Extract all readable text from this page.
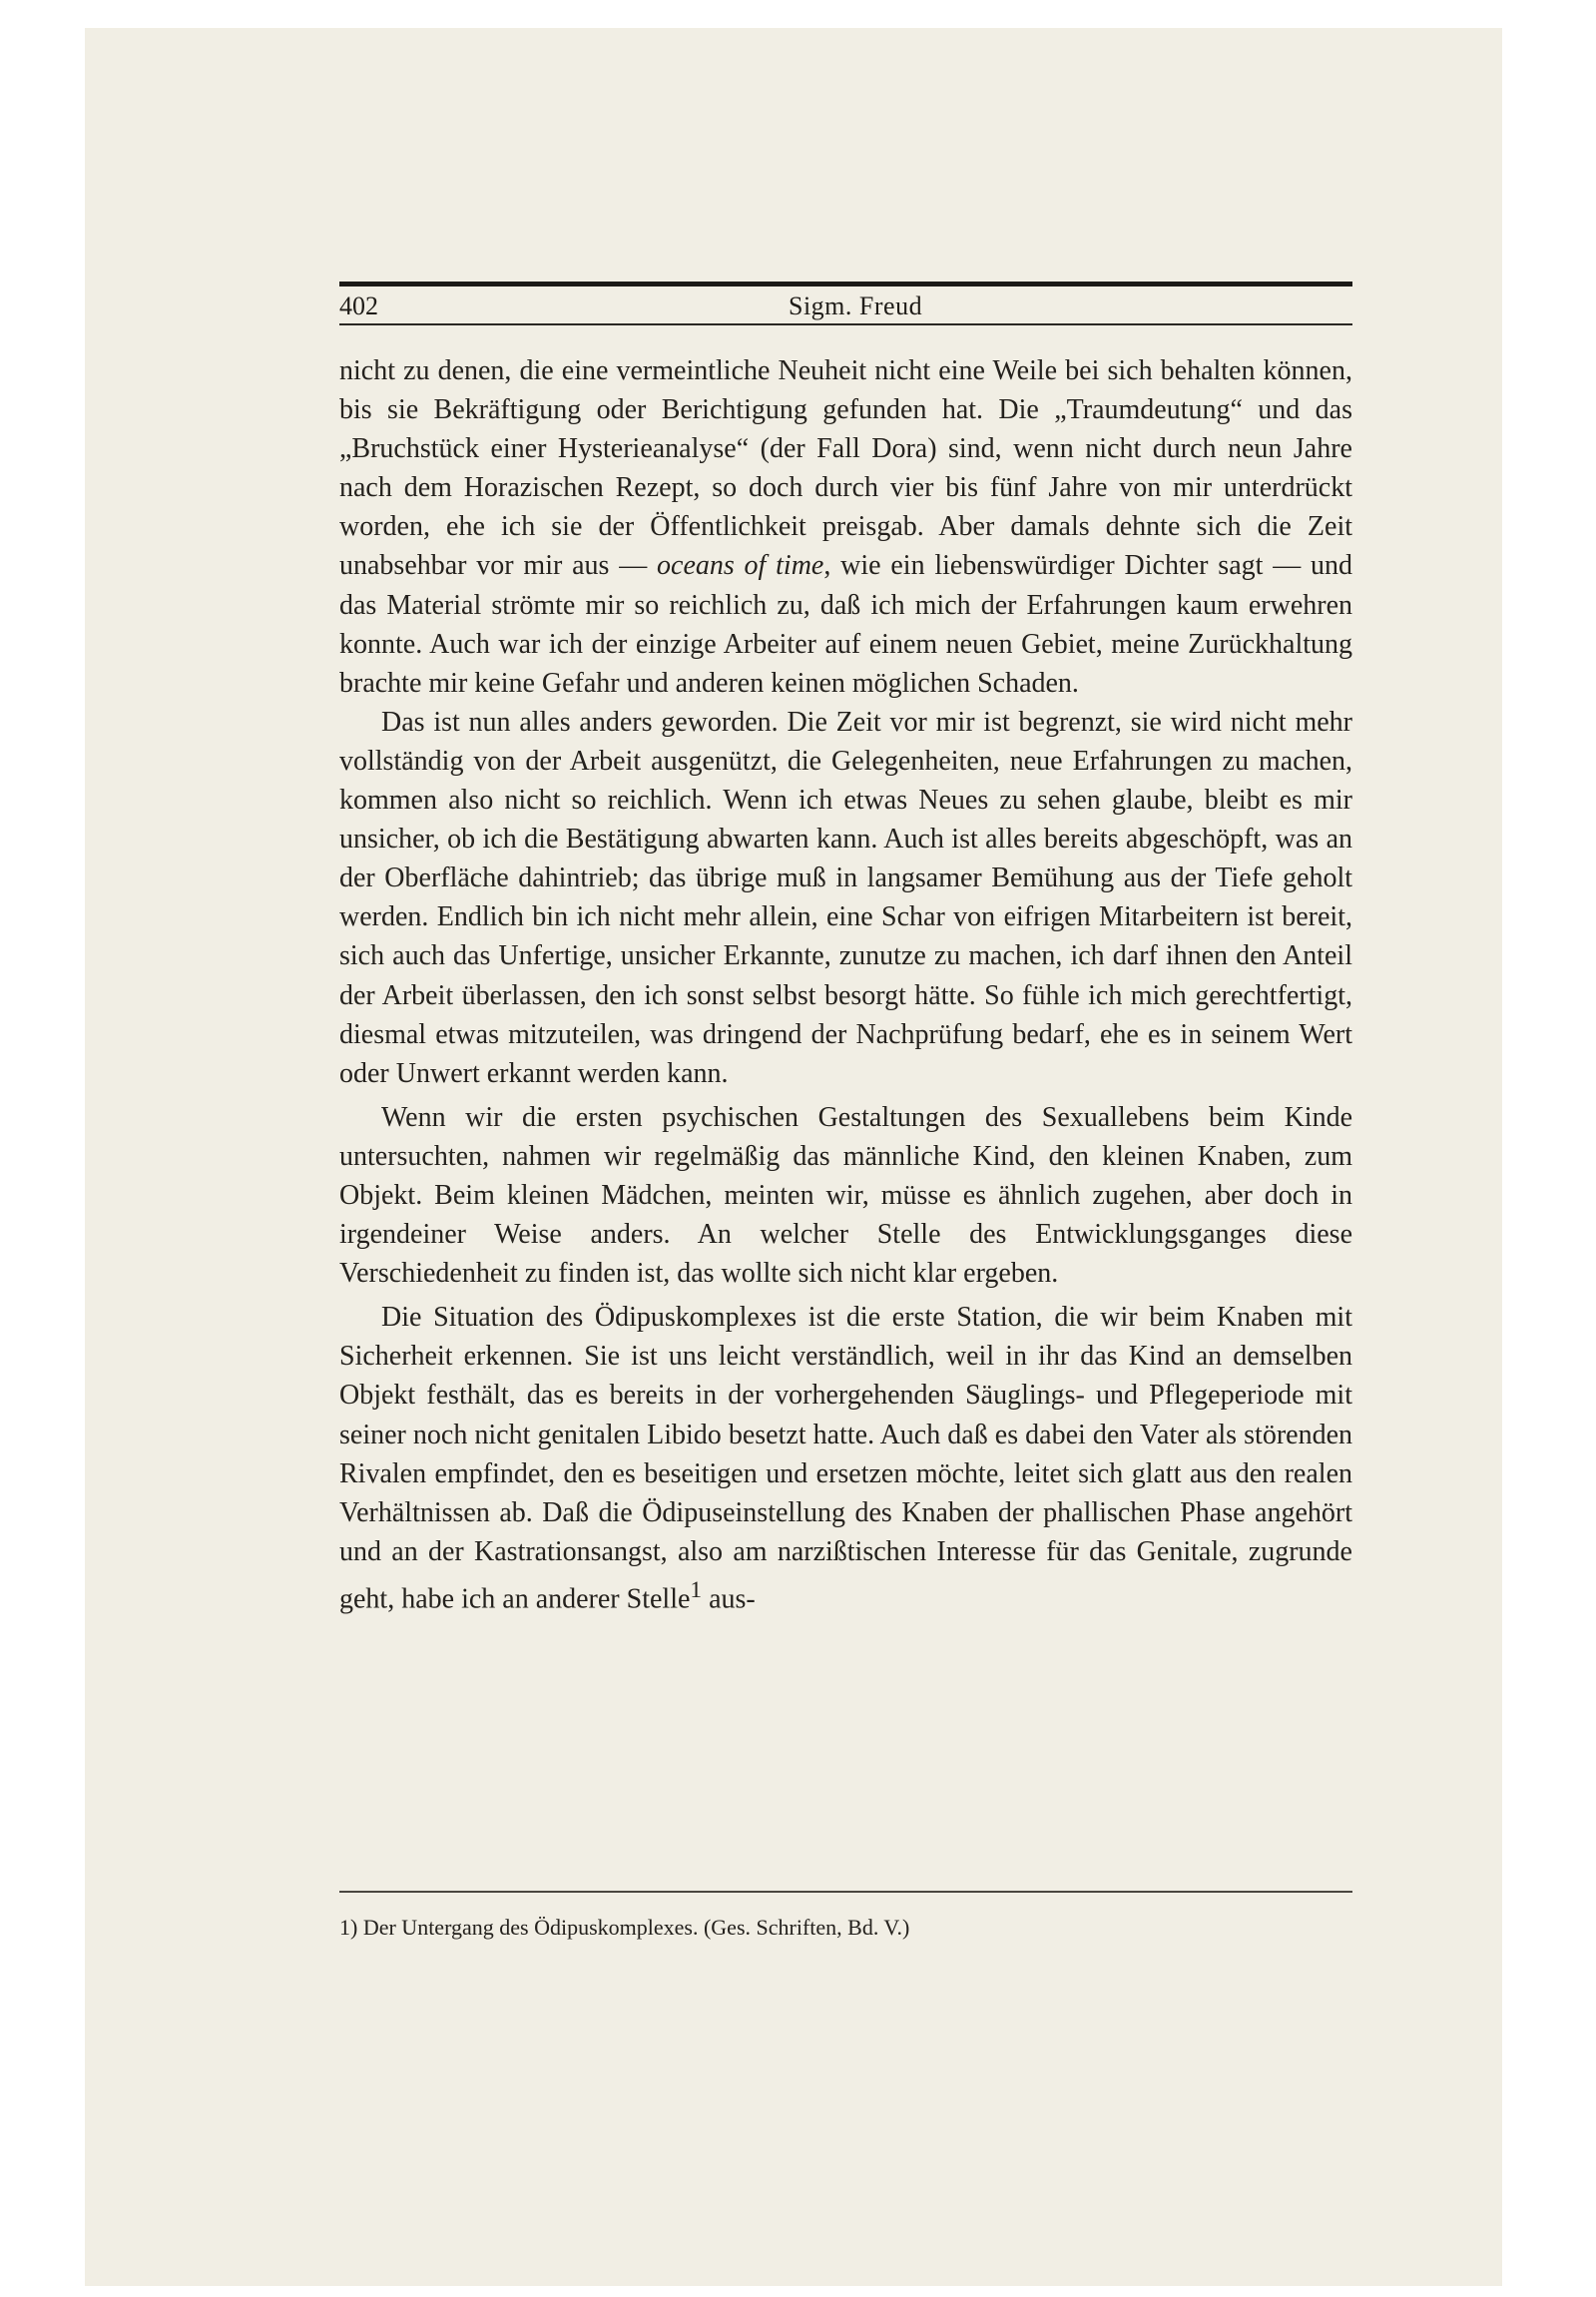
402	Sigm. Freud

nicht zu denen, die eine vermeintliche Neuheit nicht eine Weile bei sich behalten können, bis sie Bekräftigung oder Berichtigung gefunden hat. Die „Traumdeutung“ und das „Bruchstück einer Hysterieanalyse“ (der Fall Dora) sind, wenn nicht durch neun Jahre nach dem Horazischen Rezept, so doch durch vier bis fünf Jahre von mir unterdrückt worden, ehe ich sie der Öffentlichkeit preisgab. Aber damals dehnte sich die Zeit unabsehbar vor mir aus — oceans of time, wie ein liebenswürdiger Dichter sagt — und das Material strömte mir so reichlich zu, daß ich mich der Erfahrungen kaum erwehren konnte. Auch war ich der einzige Arbeiter auf einem neuen Gebiet, meine Zurückhaltung brachte mir keine Gefahr und anderen keinen möglichen Schaden.

Das ist nun alles anders geworden. Die Zeit vor mir ist begrenzt, sie wird nicht mehr vollständig von der Arbeit ausgenützt, die Gelegenheiten, neue Erfahrungen zu machen, kommen also nicht so reichlich. Wenn ich etwas Neues zu sehen glaube, bleibt es mir unsicher, ob ich die Bestätigung abwarten kann. Auch ist alles bereits abgeschöpft, was an der Oberfläche dahintrieb; das übrige muß in langsamer Bemühung aus der Tiefe geholt werden. Endlich bin ich nicht mehr allein, eine Schar von eifrigen Mitarbeitern ist bereit, sich auch das Unfertige, unsicher Erkannte, zunutze zu machen, ich darf ihnen den Anteil der Arbeit überlassen, den ich sonst selbst besorgt hätte. So fühle ich mich gerechtfertigt, diesmal etwas mitzuteilen, was dringend der Nachprüfung bedarf, ehe es in seinem Wert oder Unwert erkannt werden kann.

Wenn wir die ersten psychischen Gestaltungen des Sexuallebens beim Kinde untersuchten, nahmen wir regelmäßig das männliche Kind, den kleinen Knaben, zum Objekt. Beim kleinen Mädchen, meinten wir, müsse es ähnlich zugehen, aber doch in irgendeiner Weise anders. An welcher Stelle des Entwicklungsganges diese Verschiedenheit zu finden ist, das wollte sich nicht klar ergeben.

Die Situation des Ödipuskomplexes ist die erste Station, die wir beim Knaben mit Sicherheit erkennen. Sie ist uns leicht verständlich, weil in ihr das Kind an demselben Objekt festhält, das es bereits in der vorhergehenden Säuglings- und Pflegeperiode mit seiner noch nicht genitalen Libido besetzt hatte. Auch daß es dabei den Vater als störenden Rivalen empfindet, den es beseitigen und ersetzen möchte, leitet sich glatt aus den realen Verhältnissen ab. Daß die Ödipuseinstellung des Knaben der phallischen Phase angehört und an der Kastrationsangst, also am narzißtischen Interesse für das Genitale, zugrunde geht, habe ich an anderer Stelle$^1$ aus-

1) Der Untergang des Ödipuskomplexes. (Ges. Schriften, Bd. V.)
